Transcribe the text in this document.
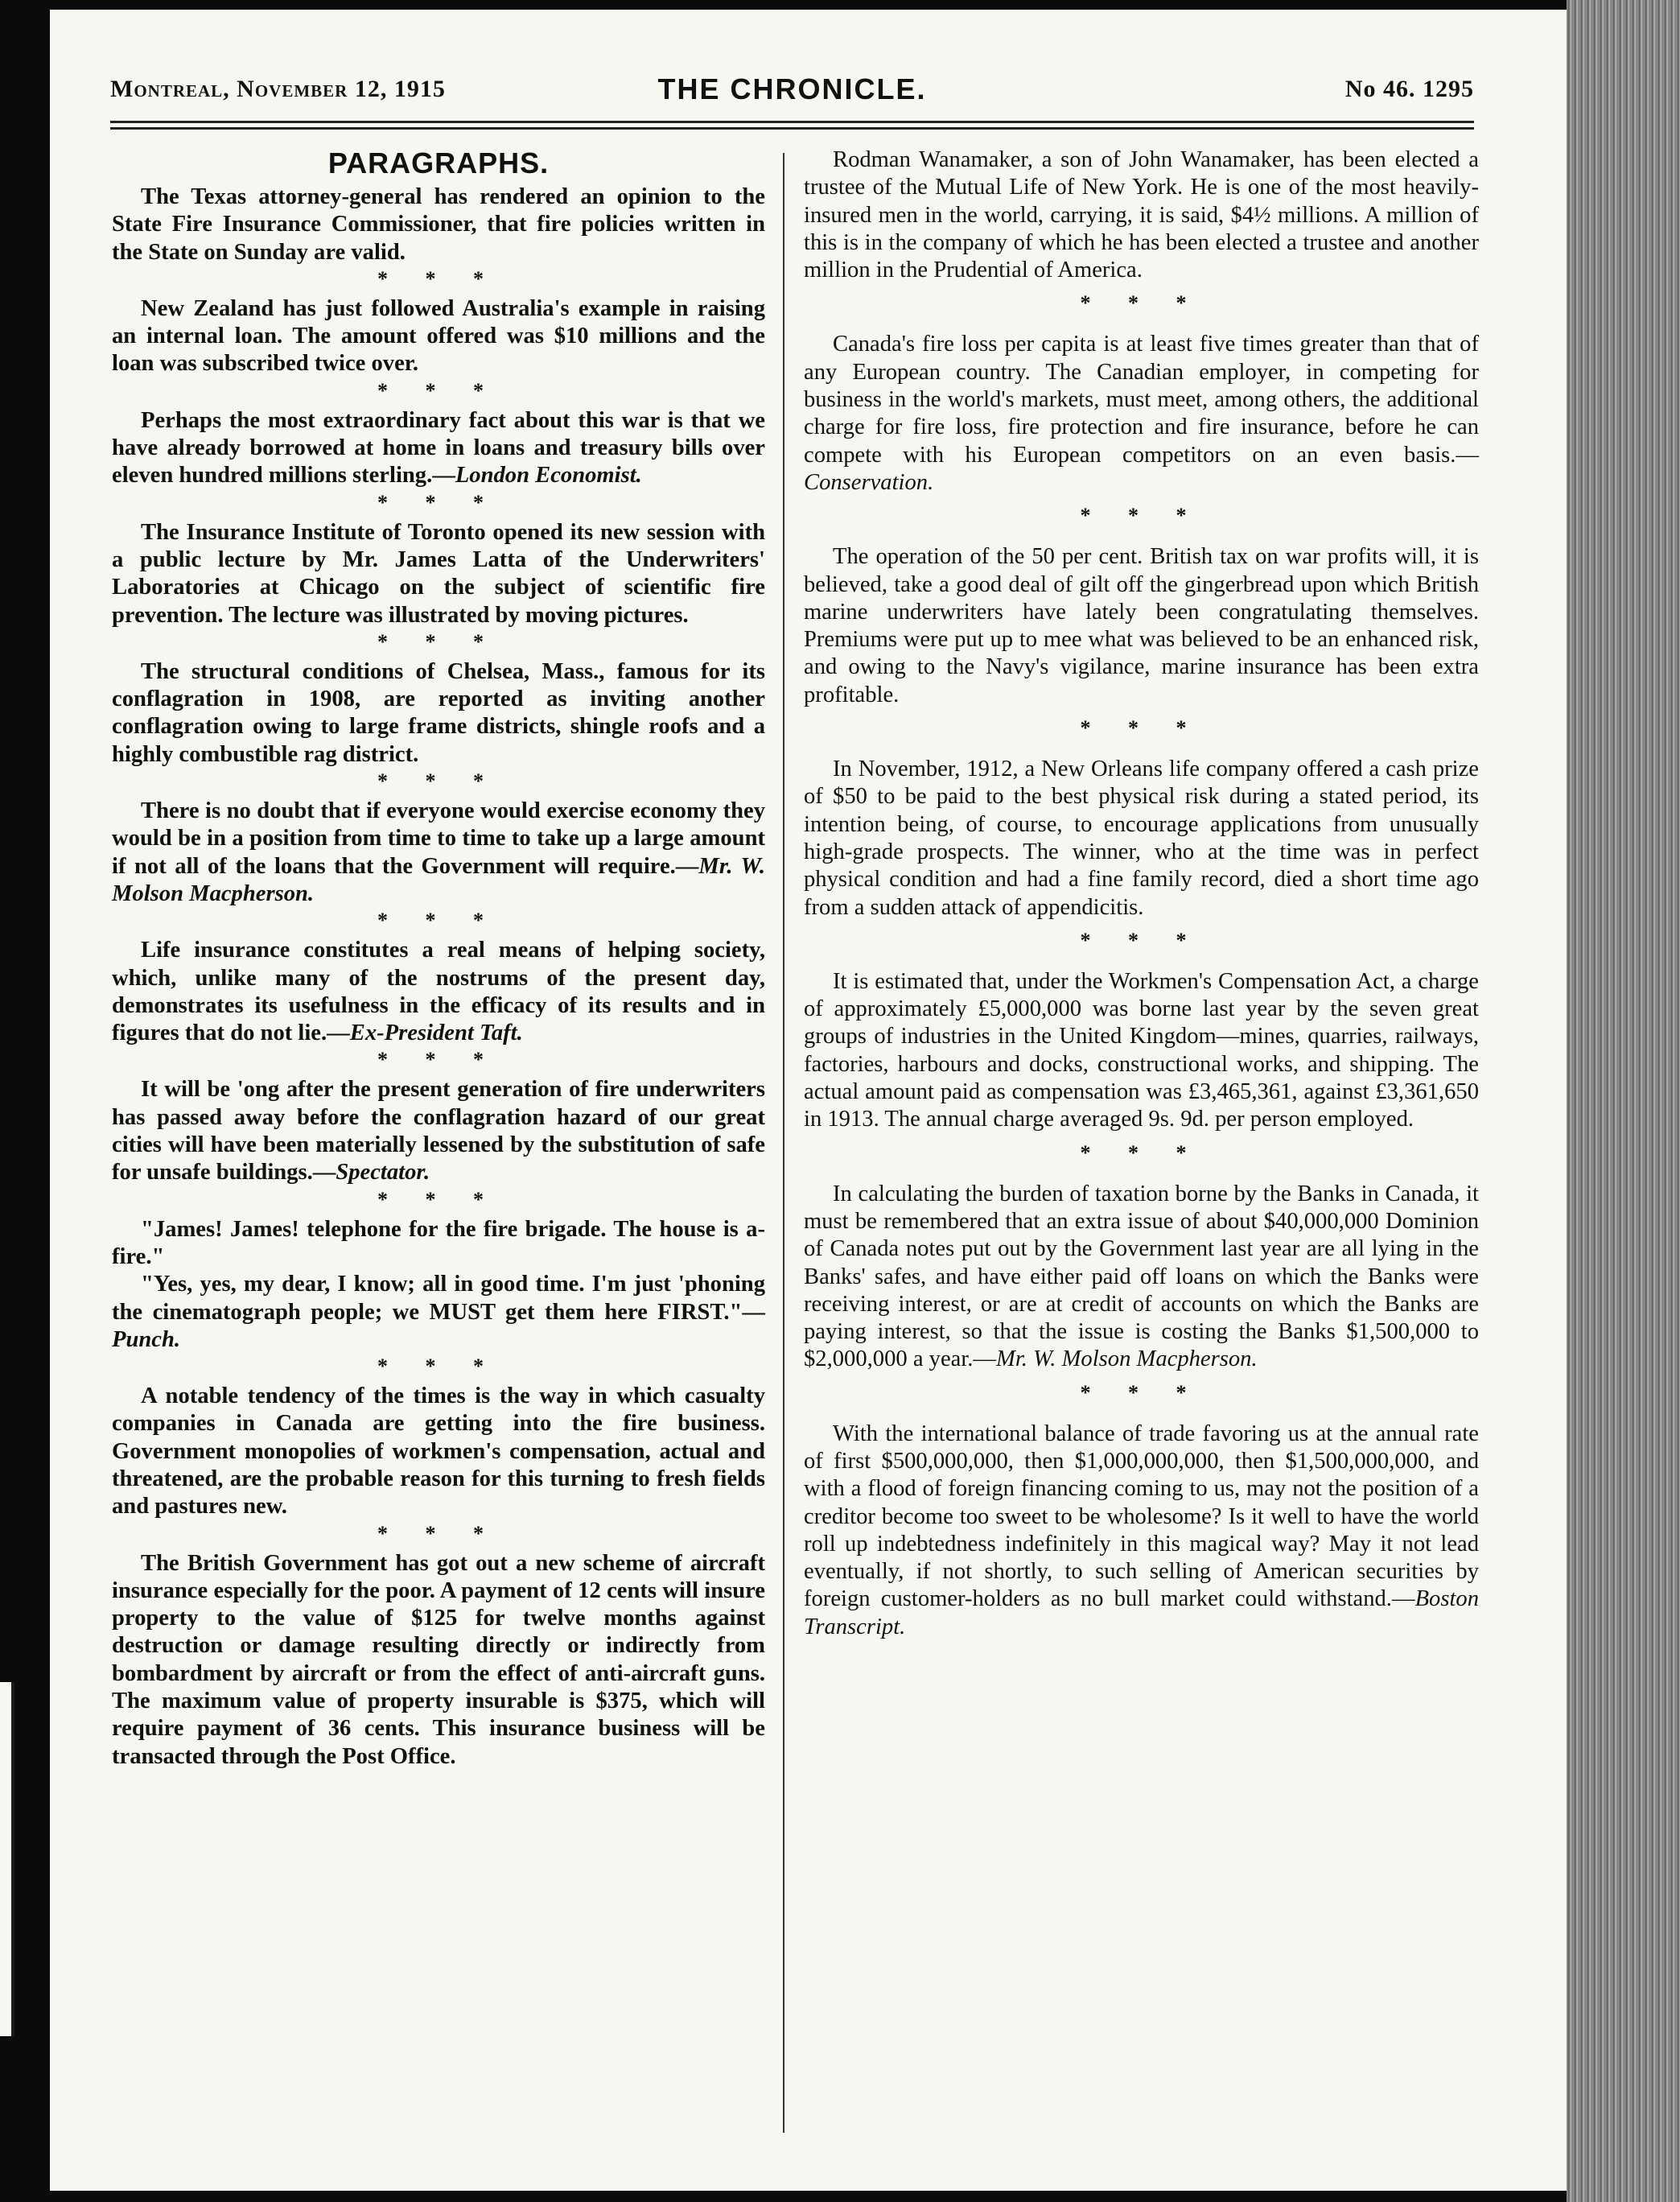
Montreal, November 12, 1915	THE CHRONICLE.	No 46. 1295
PARAGRAPHS.

The Texas attorney-general has rendered an opinion to the State Fire Insurance Commissioner, that fire policies written in the State on Sunday are valid.

* * *

New Zealand has just followed Australia's example in raising an internal loan. The amount offered was $10 millions and the loan was subscribed twice over.

* * *

Perhaps the most extraordinary fact about this war is that we have already borrowed at home in loans and treasury bills over eleven hundred millions sterling.—London Economist.

* * *

The Insurance Institute of Toronto opened its new session with a public lecture by Mr. James Latta of the Underwriters' Laboratories at Chicago on the subject of scientific fire prevention. The lecture was illustrated by moving pictures.

* * *

The structural conditions of Chelsea, Mass., famous for its conflagration in 1908, are reported as inviting another conflagration owing to large frame districts, shingle roofs and a highly combustible rag district.

* * *

There is no doubt that if everyone would exercise economy they would be in a position from time to time to take up a large amount if not all of the loans that the Government will require.—Mr. W. Molson Macpherson.

* * *

Life insurance constitutes a real means of helping society, which, unlike many of the nostrums of the present day, demonstrates its usefulness in the efficacy of its results and in figures that do not lie.—Ex-President Taft.

* * *

It will be 'ong after the present generation of fire underwriters has passed away before the conflagration hazard of our great cities will have been materially lessened by the substitution of safe for unsafe buildings.—Spectator.

* * *

"James! James! telephone for the fire brigade. The house is a-fire."

"Yes, yes, my dear, I know; all in good time. I'm just 'phoning the cinematograph people; we MUST get them here FIRST."—Punch.

* * *

A notable tendency of the times is the way in which casualty companies in Canada are getting into the fire business. Government monopolies of workmen's compensation, actual and threatened, are the probable reason for this turning to fresh fields and pastures new.

* * *

The British Government has got out a new scheme of aircraft insurance especially for the poor. A payment of 12 cents will insure property to the value of $125 for twelve months against destruction or damage resulting directly or indirectly from bombardment by aircraft or from the effect of anti-aircraft guns. The maximum value of property insurable is $375, which will require payment of 36 cents. This insurance business will be transacted through the Post Office.

Rodman Wanamaker, a son of John Wanamaker, has been elected a trustee of the Mutual Life of New York. He is one of the most heavily-insured men in the world, carrying, it is said, $4½ millions. A million of this is in the company of which he has been elected a trustee and another million in the Prudential of America.

* * *

Canada's fire loss per capita is at least five times greater than that of any European country. The Canadian employer, in competing for business in the world's markets, must meet, among others, the additional charge for fire loss, fire protection and fire insurance, before he can compete with his European competitors on an even basis.—Conservation.

* * *

The operation of the 50 per cent. British tax on war profits will, it is believed, take a good deal of gilt off the gingerbread upon which British marine underwriters have lately been congratulating themselves. Premiums were put up to mee what was believed to be an enhanced risk, and owing to the Navy's vigilance, marine insurance has been extra profitable.

* * *

In November, 1912, a New Orleans life company offered a cash prize of $50 to be paid to the best physical risk during a stated period, its intention being, of course, to encourage applications from unusually high-grade prospects. The winner, who at the time was in perfect physical condition and had a fine family record, died a short time ago from a sudden attack of appendicitis.

* * *

It is estimated that, under the Workmen's Compensation Act, a charge of approximately £5,000,000 was borne last year by the seven great groups of industries in the United Kingdom—mines, quarries, railways, factories, harbours and docks, constructional works, and shipping. The actual amount paid as compensation was £3,465,361, against £3,361,650 in 1913. The annual charge averaged 9s. 9d. per person employed.

* * *

In calculating the burden of taxation borne by the Banks in Canada, it must be remembered that an extra issue of about $40,000,000 Dominion of Canada notes put out by the Government last year are all lying in the Banks' safes, and have either paid off loans on which the Banks were receiving interest, or are at credit of accounts on which the Banks are paying interest, so that the issue is costing the Banks $1,500,000 to $2,000,000 a year.—Mr. W. Molson Macpherson.

* * *

With the international balance of trade favoring us at the annual rate of first $500,000,000, then $1,000,000,000, then $1,500,000,000, and with a flood of foreign financing coming to us, may not the position of a creditor become too sweet to be wholesome? Is it well to have the world roll up indebtedness indefinitely in this magical way? May it not lead eventually, if not shortly, to such selling of American securities by foreign customer-holders as no bull market could withstand.—Boston Transcript.
